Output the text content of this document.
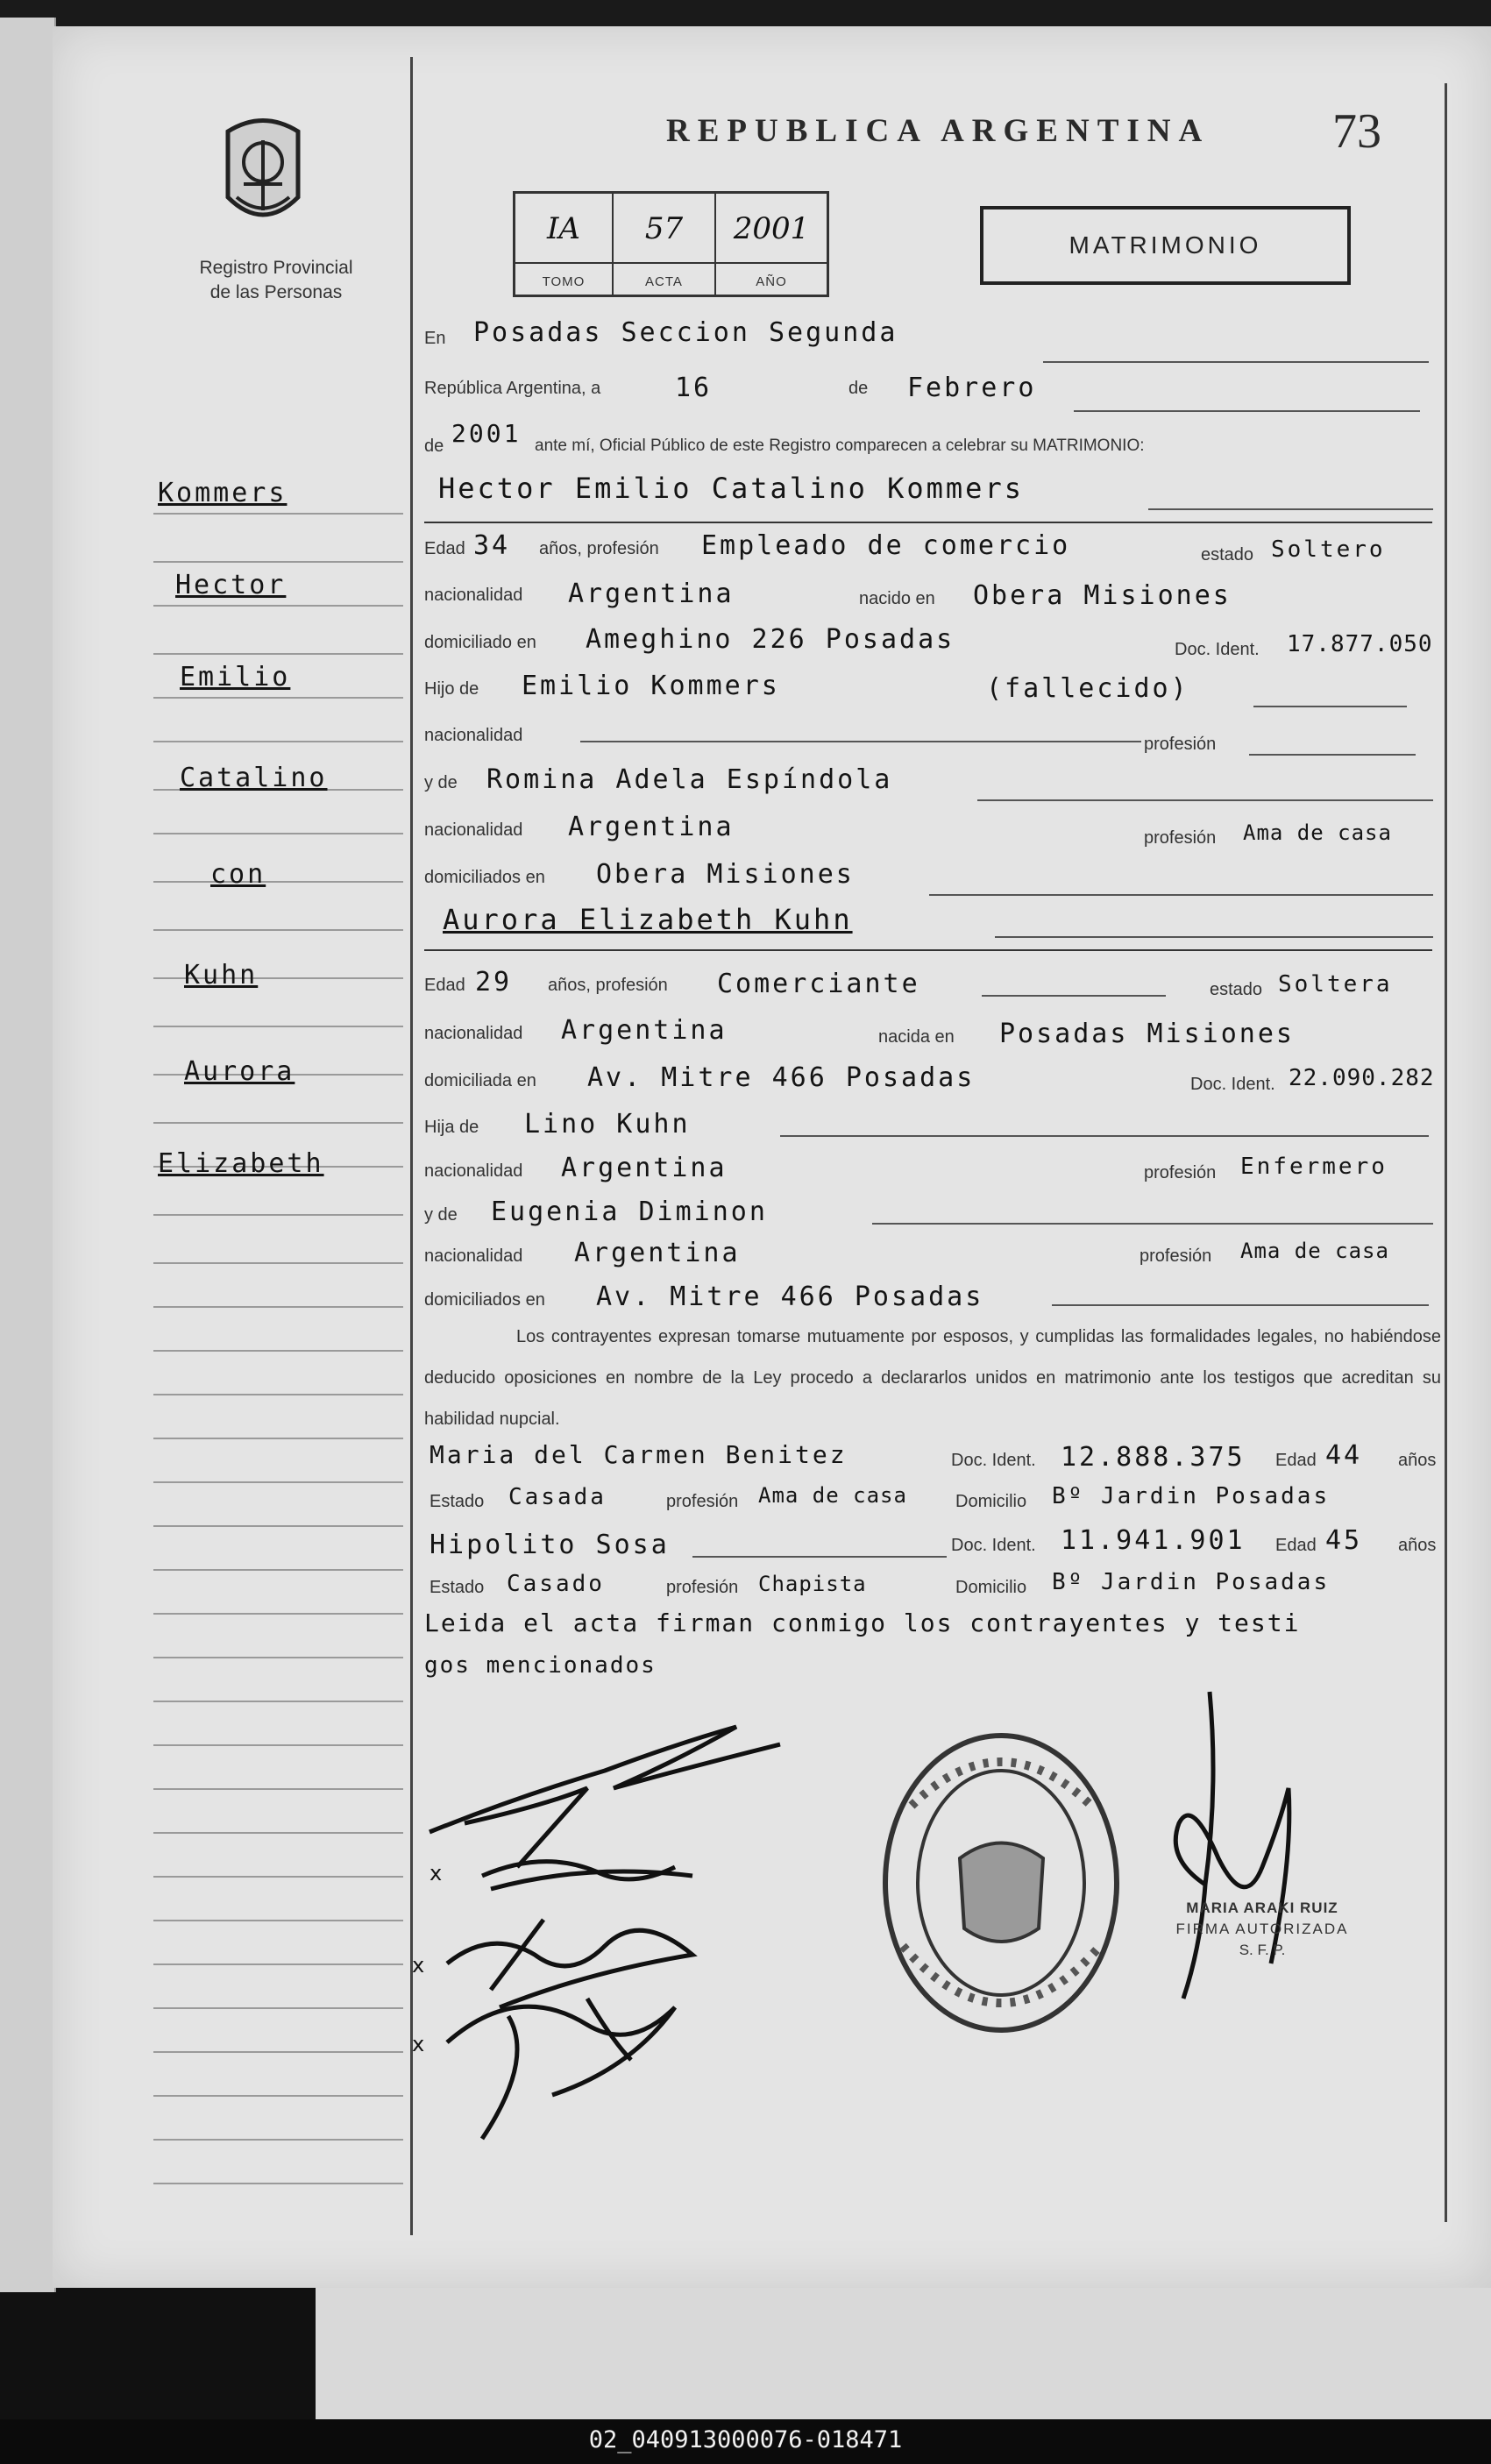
REPUBLICA ARGENTINA 73
Registro Provincial
de las Personas
IA
TOMO
57
ACTA
2001
AÑO
MATRIMONIO
Kommers
Hector
Emilio
Catalino
con
Kuhn
Aurora
Elizabeth
En Posadas Seccion Segunda
República Argentina, a	16	de Febrero
de 2001 ante mí, Oficial Público de este Registro comparecen a celebrar su MATRIMONIO:
Hector Emilio Catalino Kommers
Edad 34 años, profesión Empleado de comercio	estado Soltero
nacionalidad Argentina	nacido en Obera Misiones
domiciliado en Ameghino 226 Posadas	Doc. Ident. 17.877.050
Hijo de Emilio Kommers	(fallecido)
nacionalidad	profesión
y de Romina Adela Espíndola
nacionalidad Argentina	profesión Ama de casa
domiciliados en Obera Misiones
Aurora Elizabeth Kuhn
Edad 29 años, profesión Comerciante	estado Soltera
nacionalidad Argentina	nacida en Posadas Misiones
domiciliada en Av. Mitre 466 Posadas	Doc. Ident. 22.090.282
Hija de Lino Kuhn
nacionalidad Argentina	profesión Enfermero
y de Eugenia Diminon
nacionalidad Argentina	profesión Ama de casa
domiciliados en Av. Mitre 466 Posadas
Los contrayentes expresan tomarse mutuamente por esposos, y cumplidas las formalidades legales, no habiéndose deducido oposiciones en nombre de la Ley procedo a declararlos unidos en matrimonio ante los testigos que acreditan su habilidad nupcial.
Maria del Carmen Benitez	Doc. Ident. 12.888.375 Edad 44 años
Estado Casada	profesión Ama de casa	Domicilio Bº Jardin Posadas
Hipolito Sosa	Doc. Ident. 11.941.901 Edad 45 años
Estado Casado	profesión Chapista	Domicilio Bº Jardin Posadas
Leida el acta firman conmigo los contrayentes y testi
gos mencionados
x
x
x
MARIA ARAKI RUIZ
FIRMA AUTORIZADA
S. F. P.
02_040913000076-018471
